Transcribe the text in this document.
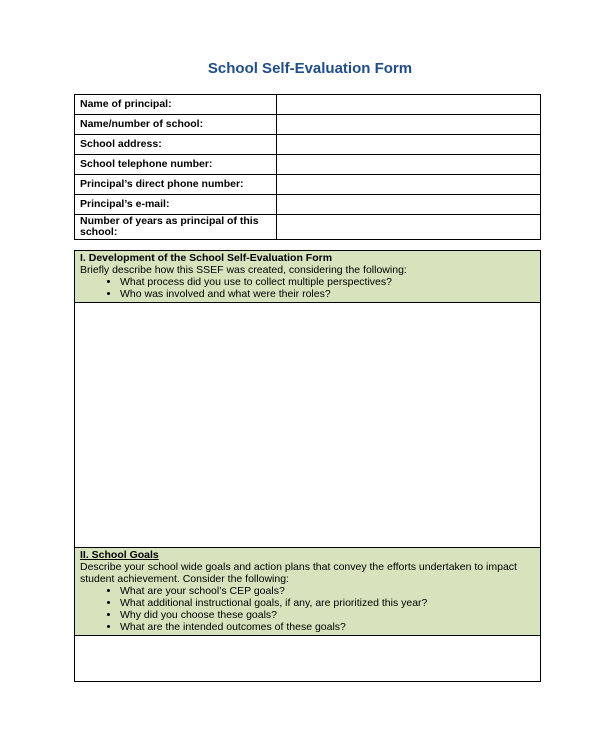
School Self-Evaluation Form
Name of principal:	
Name/number of school:	
School address:	
School telephone number:	
Principal’s direct phone number:	
Principal’s e-mail:	
Number of years as principal of this school:	
I. Development of the School Self-Evaluation Form
Briefly describe how this SSEF was created, considering the following:
• What process did you use to collect multiple perspectives?
• Who was involved and what were their roles?
II. School Goals
Describe your school wide goals and action plans that convey the efforts undertaken to impact student achievement. Consider the following:
• What are your school’s CEP goals?
• What additional instructional goals, if any, are prioritized this year?
• Why did you choose these goals?
• What are the intended outcomes of these goals?
